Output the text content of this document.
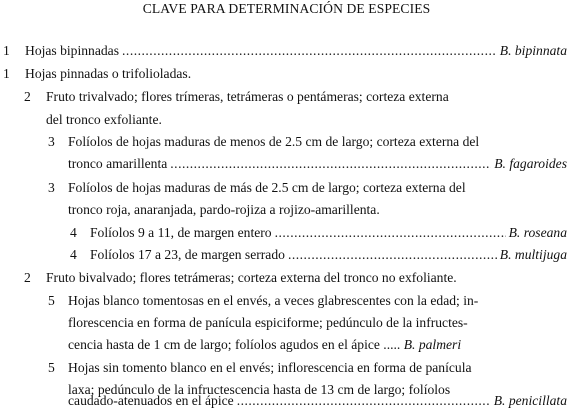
CLAVE PARA DETERMINACIÓN DE ESPECIES
1 Hojas bipinnadas .....	B. bipinnata
1 Hojas pinnadas o trifolioladas.
2 Fruto trivalvado; flores trímeras, tetrámeras o pentámeras; corteza externa
del tronco exfoliante.
3 Folíolos de hojas maduras de menos de 2.5 cm de largo; corteza externa del
tronco amarillenta .....	B. fagaroides
3 Folíolos de hojas maduras de más de 2.5 cm de largo; corteza externa del
tronco roja, anaranjada, pardo-rojiza a rojizo-amarillenta.
4 Folíolos 9 a 11, de margen entero .....	B. roseana
4 Folíolos 17 a 23, de margen serrado .....	B. multijuga
2 Fruto bivalvado; flores tetrámeras; corteza externa del tronco no exfoliante.
5 Hojas blanco tomentosas en el envés, a veces glabrescentes con la edad; in-
florescencia en forma de panícula espiciforme; pedúnculo de la infructes-
cencia hasta de 1 cm de largo; folíolos agudos en el ápice ..... B. palmeri
5 Hojas sin tomento blanco en el envés; inflorescencia en forma de panícula
laxa; pedúnculo de la infructescencia hasta de 13 cm de largo; folíolos
caudado-atenuados en el ápice .....	B. penicillata
